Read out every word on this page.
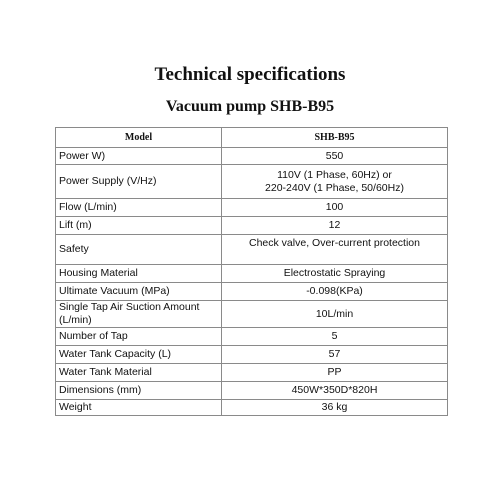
Technical specifications
Vacuum pump SHB-B95
Model	SHB-B95
Power W)	550

Power Supply (V/Hz)	110V (1 Phase, 60Hz) or
220-240V (1 Phase, 50/60Hz)

Flow (L/min)	100

Lift (m)	12

Safety	Check valve, Over-current protection

Housing Material	Electrostatic Spraying

Ultimate Vacuum (MPa)	-0.098(KPa)

Single Tap Air Suction Amount (L/min)	10L/min

Number of Tap	5

Water Tank Capacity (L)	57

Water Tank Material	PP

Dimensions (mm)	450W*350D*820H

Weight	36 kg
